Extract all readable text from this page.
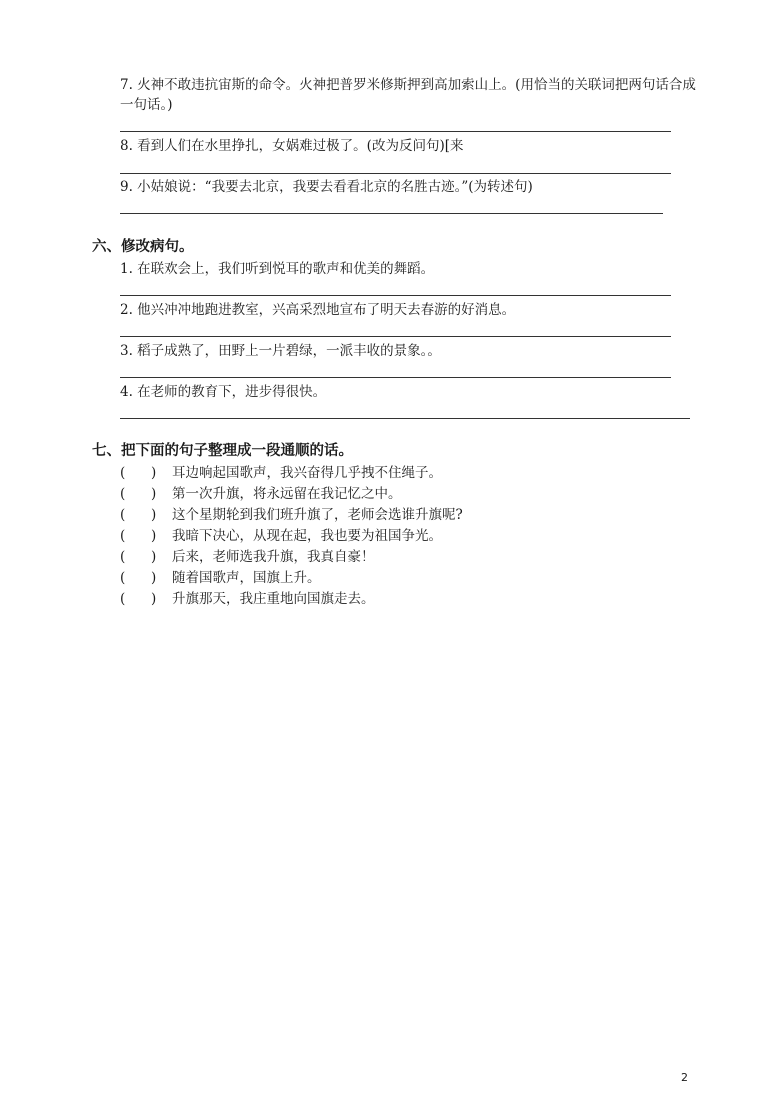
7. 火神不敢违抗宙斯的命令。火神把普罗米修斯押到高加索山上。(用恰当的关联词把两句话合成一句话。)
8. 看到人们在水里挣扎，女娲难过极了。(改为反问句)[来
9. 小姑娘说：“我要去北京，我要去看看北京的名胜古迹。”(为转述句)
六、修改病句。
1. 在联欢会上，我们听到悦耳的歌声和优美的舞蹈。
2. 他兴冲冲地跑进教室，兴高采烈地宣布了明天去春游的好消息。
3. 稻子成熟了，田野上一片碧绿，一派丰收的景象。。
4. 在老师的教育下，进步得很快。
七、把下面的句子整理成一段通顺的话。
( ) 耳边响起国歌声，我兴奋得几乎拽不住绳子。
( ) 第一次升旗，将永远留在我记忆之中。
( ) 这个星期轮到我们班升旗了，老师会选谁升旗呢?
( ) 我暗下决心，从现在起，我也要为祖国争光。
( ) 后来，老师选我升旗，我真自豪！
( ) 随着国歌声，国旗上升。
( ) 升旗那天，我庄重地向国旗走去。
2
